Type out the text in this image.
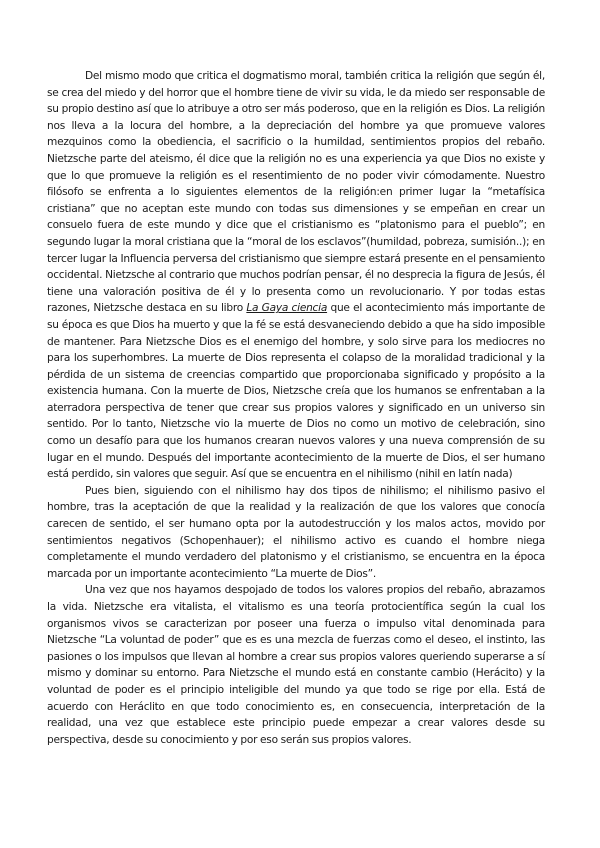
Del mismo modo que critica el dogmatismo moral, también critica la religión que según él, se crea del miedo y del horror que el hombre tiene de vivir su vida, le da miedo ser responsable de su propio destino así que lo atribuye a otro ser más poderoso, que en la religión es Dios. La religión nos lleva a la locura del hombre, a la depreciación del hombre ya que promueve valores mezquinos como la obediencia, el sacrificio o la humildad, sentimientos propios del rebaño. Nietzsche parte del ateismo, él dice que la religión no es una experiencia ya que Dios no existe y que lo que promueve la religión es el resentimiento de no poder vivir cómodamente. Nuestro filósofo se enfrenta a lo siguientes elementos de la religión:en primer lugar la “metafísica cristiana” que no aceptan este mundo con todas sus dimensiones y se empeñan en crear un consuelo fuera de este mundo y dice que el cristianismo es “platonismo para el pueblo”; en segundo lugar la moral cristiana que la “moral de los esclavos”(humildad, pobreza, sumisión..); en tercer lugar la Influencia perversa del cristianismo que siempre estará presente en el pensamiento occidental. Nietzsche al contrario que muchos podrían pensar, él no desprecia la figura de Jesús, él tiene una valoración positiva de él y lo presenta como un revolucionario. Y por todas estas razones, Nietzsche destaca en su libro La Gaya ciencia que el acontecimiento más importante de su época es que Dios ha muerto y que la fé se está desvaneciendo debido a que ha sido imposible de mantener. Para Nietzsche Dios es el enemigo del hombre, y solo sirve para los mediocres no para los superhombres. La muerte de Dios representa el colapso de la moralidad tradicional y la pérdida de un sistema de creencias compartido que proporcionaba significado y propósito a la existencia humana. Con la muerte de Dios, Nietzsche creía que los humanos se enfrentaban a la aterradora perspectiva de tener que crear sus propios valores y significado en un universo sin sentido. Por lo tanto, Nietzsche vio la muerte de Dios no como un motivo de celebración, sino como un desafío para que los humanos crearan nuevos valores y una nueva comprensión de su lugar en el mundo. Después del importante acontecimiento de la muerte de Dios, el ser humano está perdido, sin valores que seguir. Así que se encuentra en el nihilismo (nihil en latín nada)

Pues bien, siguiendo con el nihilismo hay dos tipos de nihilismo; el nihilismo pasivo el hombre, tras la aceptación de que la realidad y la realización de que los valores que conocía carecen de sentido, el ser humano opta por la autodestrucción y los malos actos, movido por sentimientos negativos (Schopenhauer); el nihilismo activo es cuando el hombre niega completamente el mundo verdadero del platonismo y el cristianismo, se encuentra en la época marcada por un importante acontecimiento “La muerte de Dios”.

Una vez que nos hayamos despojado de todos los valores propios del rebaño, abrazamos la vida. Nietzsche era vitalista, el vitalismo es una teoría protocientífica según la cual los organismos vivos se caracterizan por poseer una fuerza o impulso vital denominada para Nietzsche “La voluntad de poder” que es es una mezcla de fuerzas como el deseo, el instinto, las pasiones o los impulsos que llevan al hombre a crear sus propios valores queriendo superarse a sí mismo y dominar su entorno. Para Nietzsche el mundo está en constante cambio (Herácito) y la voluntad de poder es el principio inteligible del mundo ya que todo se rige por ella. Está de acuerdo con Heráclito en que todo conocimiento es, en consecuencia, interpretación de la realidad, una vez que establece este principio puede empezar a crear valores desde su perspectiva, desde su conocimiento y por eso serán sus propios valores.
